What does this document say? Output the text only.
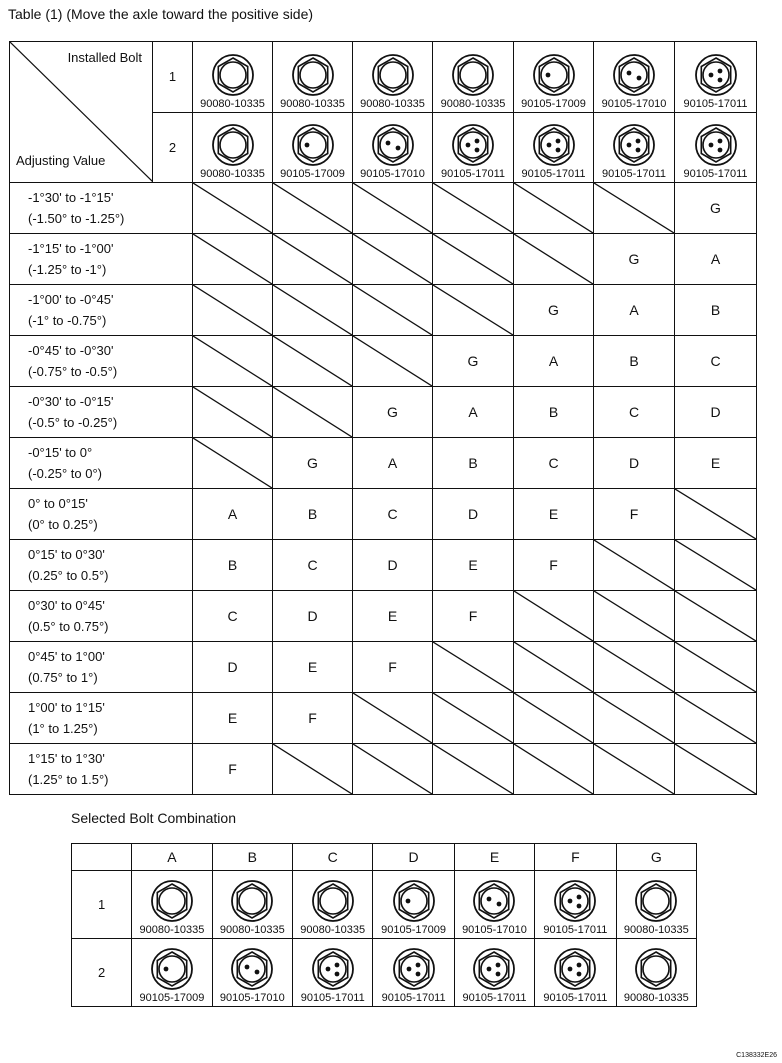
Table (1) (Move the axle toward the positive side)
Installed Bolt
Adjusting Value	1	90080-10335	90080-10335	90080-10335	90080-10335	90105-17009	90105-17010	90105-17011

	2	90080-10335	90105-17009	90105-17010	90105-17011	90105-17011	90105-17011	90105-17011

-1°30' to -1°15'
(-1.50° to -1.25°)								G

-1°15' to -1°00'
(-1.25° to -1°)							G	A

-1°00' to -0°45'
(-1° to -0.75°)						G	A	B

-0°45' to -0°30'
(-0.75° to -0.5°)					G	A	B	C

-0°30' to -0°15'
(-0.5° to -0.25°)				G	A	B	C	D

-0°15' to 0°
(-0.25° to 0°)			G	A	B	C	D	E

0° to 0°15'
(0° to 0.25°)		A	B	C	D	E	F	

0°15' to 0°30'
(0.25° to 0.5°)		B	C	D	E	F	

0°30' to 0°45'
(0.5° to 0.75°)		C	D	E	F	

0°45' to 1°00'
(0.75° to 1°)		D	E	F	

1°00' to 1°15'
(1° to 1.25°)		E	F	

1°15' to 1°30'
(1.25° to 1.5°)		F	

Selected Bolt Combination
	A	B	C	D	E	F	G
1	90080-10335	90080-10335	90080-10335	90105-17009	90105-17010	90105-17011	90080-10335

2	90105-17009	90105-17010	90105-17011	90105-17011	90105-17011	90105-17011	90080-10335
C138332E26
